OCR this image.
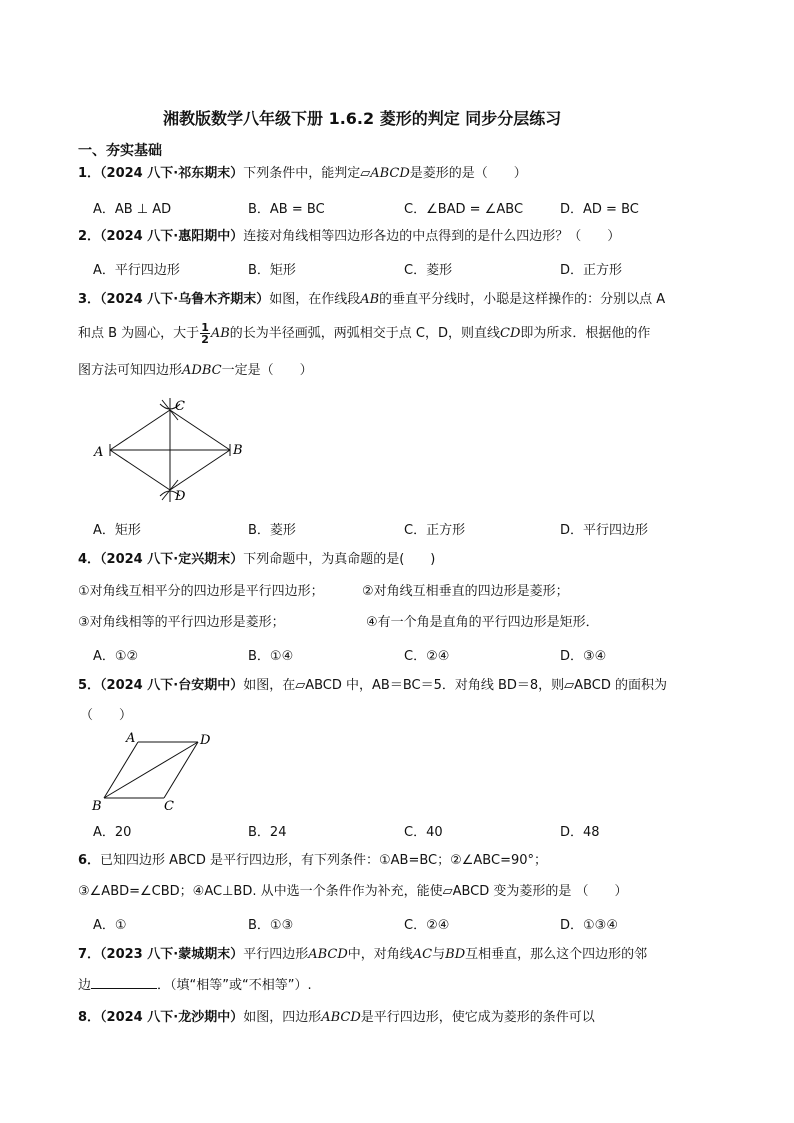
湘教版数学八年级下册 1.6.2 菱形的判定 同步分层练习
一、夯实基础
1．（2024 八下·祁东期末）下列条件中，能判定▱ABCD是菱形的是（　　）
A．AB ⊥ AD	B．AB = BC	C．∠BAD = ∠ABC	D．AD = BC
2．（2024 八下·惠阳期中）连接对角线相等四边形各边的中点得到的是什么四边形？（　　）
A．平行四边形	B．矩形	C．菱形	D．正方形
3．（2024 八下·乌鲁木齐期末）如图，在作线段AB的垂直平分线时，小聪是这样操作的：分别以点 A
和点 B 为圆心，大于 $\frac{1}{2}$ AB的长为半径画弧，两弧相交于点 C，D，则直线CD即为所求．根据他的作
图方法可知四边形ADBC一定是（　　）
A	B
C
D
A．矩形	B．菱形	C．正方形	D．平行四边形
4．（2024 八下·定兴期末）下列命题中，为真命题的是(　　)
①对角线互相平分的四边形是平行四边形；	②对角线互相垂直的四边形是菱形；
③对角线相等的平行四边形是菱形；	④有一个角是直角的平行四边形是矩形．
A．①②	B．①④	C．②④	D．③④
5．（2024 八下·台安期中）如图，在▱ABCD 中，AB＝BC＝5．对角线 BD＝8，则▱ABCD 的面积为
（　　）
A
B	C
D
A．20	B．24	C．40	D．48
6．已知四边形 ABCD 是平行四边形，有下列条件：①AB=BC；②∠ABC=90°；
③∠ABD=∠CBD；④AC⊥BD. 从中选一个条件作为补充，能使▱ABCD 变为菱形的是 （　　）
A．①	B．①③	C．②④	D．①③④
7．（2023 八下·蒙城期末）平行四边形ABCD中，对角线AC与BD互相垂直，那么这个四边形的邻
边	．（填“相等”或“不相等”）.
8．（2024 八下·龙沙期中）如图，四边形ABCD是平行四边形，使它成为菱形的条件可以
